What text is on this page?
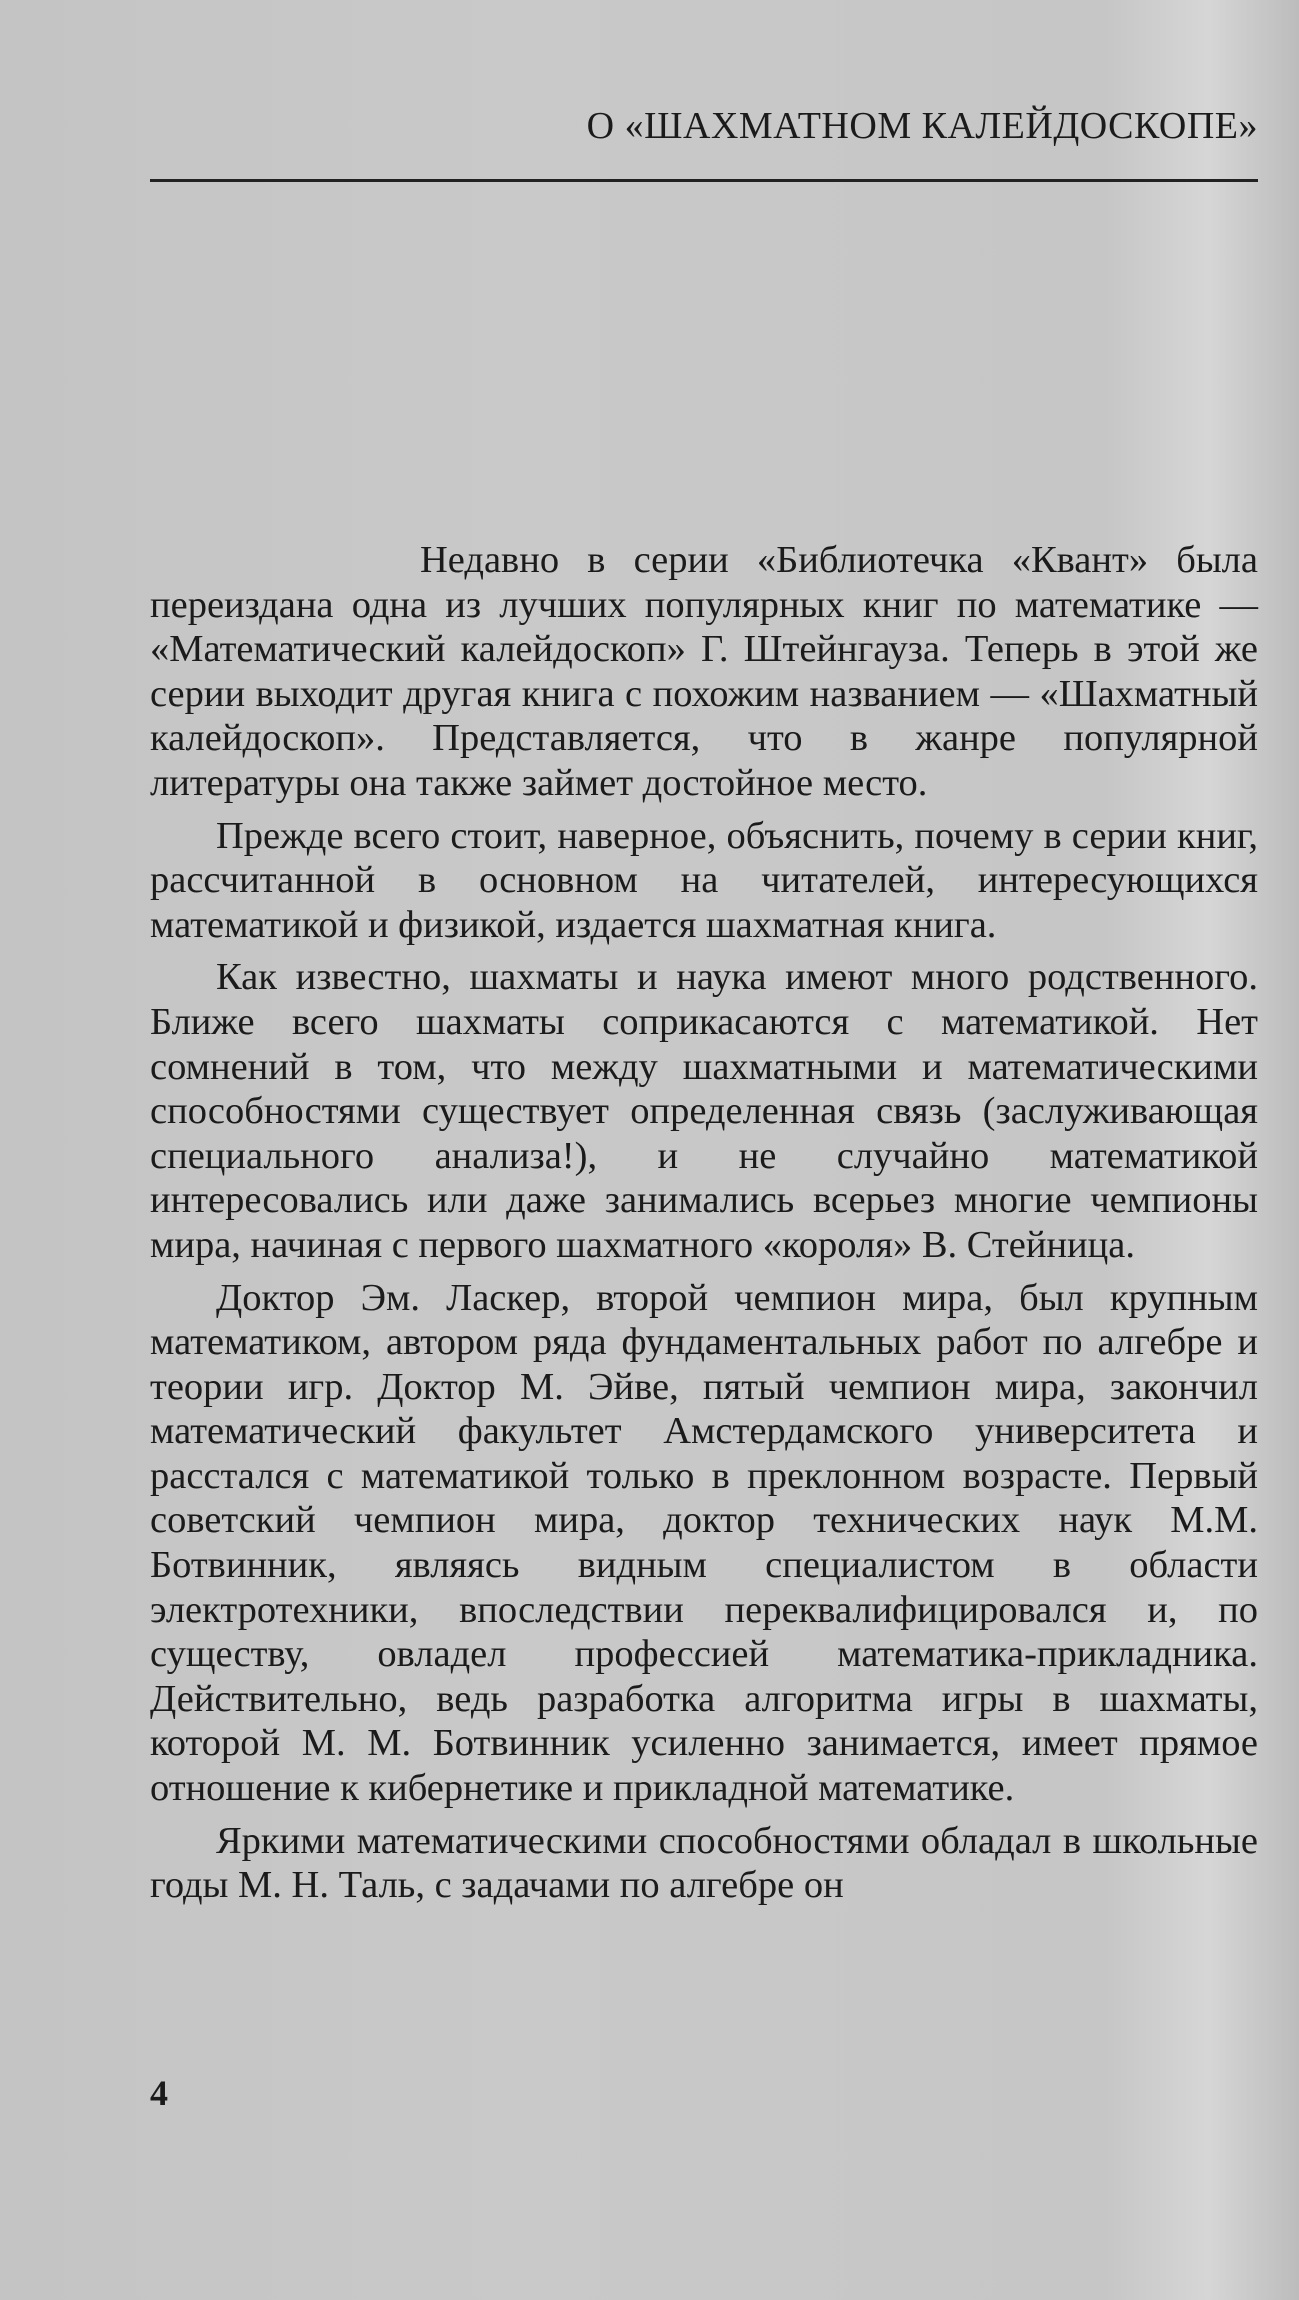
О «ШАХМАТНОМ КАЛЕЙДОСКОПЕ»

Недавно в серии «Библиотечка «Квант» была переиздана одна из лучших популярных книг по математике — «Математический калейдоскоп» Г. Штейнгауза. Теперь в этой же серии выходит другая книга с похожим названием — «Шахматный калейдоскоп». Представляется, что в жанре популярной литературы она также займет достойное место.

Прежде всего стоит, наверное, объяснить, почему в серии книг, рассчитанной в основном на читателей, интересующихся математикой и физикой, издается шахматная книга.

Как известно, шахматы и наука имеют много родственного. Ближе всего шахматы соприкасаются с математикой. Нет сомнений в том, что между шахматными и математическими способностями существует определенная связь (заслуживающая специального анализа!), и не случайно математикой интересовались или даже занимались всерьез многие чемпионы мира, начиная с первого шахматного «короля» В. Стейница.

Доктор Эм. Ласкер, второй чемпион мира, был крупным математиком, автором ряда фундаментальных работ по алгебре и теории игр. Доктор М. Эйве, пятый чемпион мира, закончил математический факультет Амстердамского университета и расстался с математикой только в преклонном возрасте. Первый советский чемпион мира, доктор технических наук М.М. Ботвинник, являясь видным специалистом в области электротехники, впоследствии переквалифицировался и, по существу, овладел профессией математика-прикладника. Действительно, ведь разработка алгоритма игры в шахматы, которой М. М. Ботвинник усиленно занимается, имеет прямое отношение к кибернетике и прикладной математике.

Яркими математическими способностями обладал в школьные годы М. Н. Таль, с задачами по алгебре он

4
